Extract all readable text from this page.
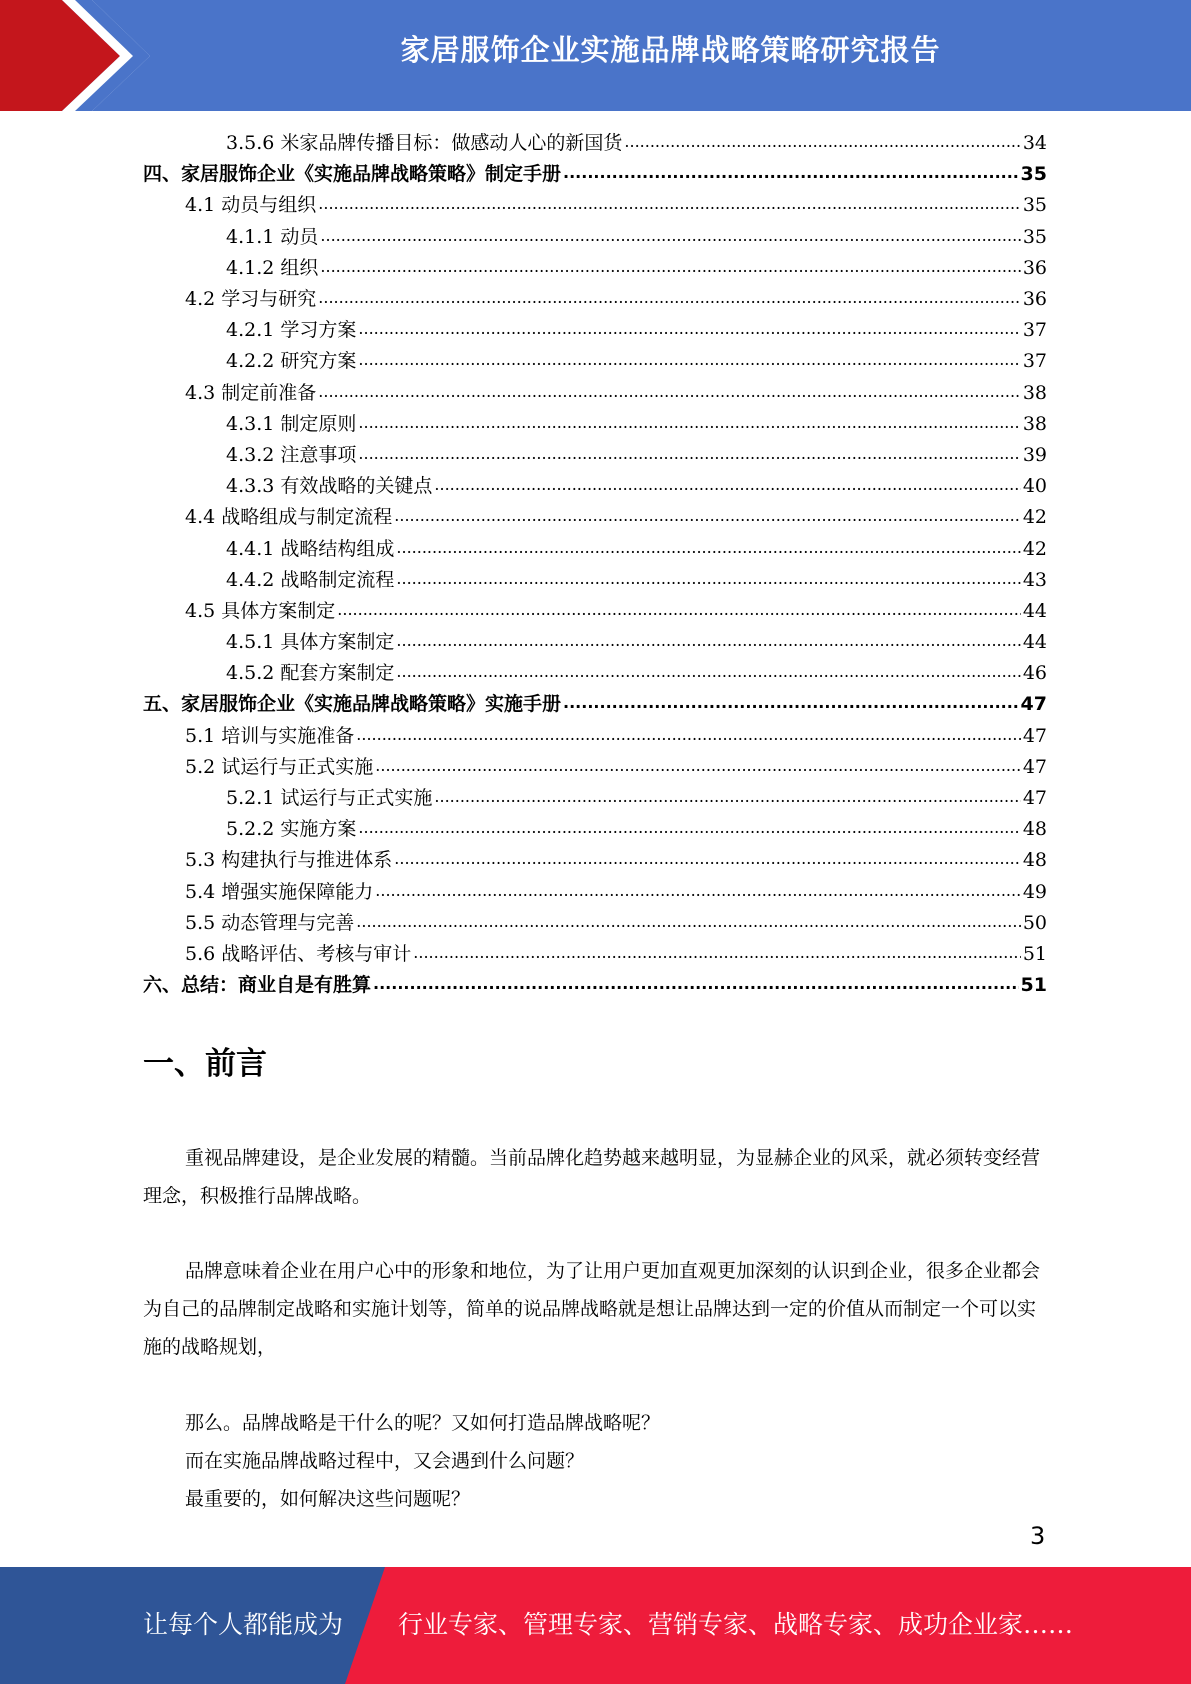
家居服饰企业实施品牌战略策略研究报告
3.5.6 米家品牌传播目标：做感动人心的新国货 .....	34
四、家居服饰企业《实施品牌战略策略》制定手册 .....	35
4.1 动员与组织 .....	35
4.1.1 动员 .....	35
4.1.2 组织 .....	36
4.2 学习与研究 .....	36
4.2.1 学习方案 .....	37
4.2.2 研究方案 .....	37
4.3 制定前准备 .....	38
4.3.1 制定原则 .....	38
4.3.2 注意事项 .....	39
4.3.3 有效战略的关键点 .....	40
4.4 战略组成与制定流程 .....	42
4.4.1 战略结构组成 .....	42
4.4.2 战略制定流程 .....	43
4.5 具体方案制定 .....	44
4.5.1 具体方案制定 .....	44
4.5.2 配套方案制定 .....	46
五、家居服饰企业《实施品牌战略策略》实施手册 .....	47
5.1 培训与实施准备 .....	47
5.2 试运行与正式实施 .....	47
5.2.1 试运行与正式实施 .....	47
5.2.2 实施方案 .....	48
5.3 构建执行与推进体系 .....	48
5.4 增强实施保障能力 .....	49
5.5 动态管理与完善 .....	50
5.6 战略评估、考核与审计 .....	51
六、总结：商业自是有胜算 .....	51
一、前言
重视品牌建设，是企业发展的精髓。当前品牌化趋势越来越明显，为显赫企业的风采，就必须转变经营理念，积极推行品牌战略。
品牌意味着企业在用户心中的形象和地位，为了让用户更加直观更加深刻的认识到企业，很多企业都会为自己的品牌制定战略和实施计划等，简单的说品牌战略就是想让品牌达到一定的价值从而制定一个可以实施的战略规划，
那么。品牌战略是干什么的呢？又如何打造品牌战略呢？
而在实施品牌战略过程中，又会遇到什么问题？
最重要的，如何解决这些问题呢？
3
让每个人都能成为 行业专家、管理专家、营销专家、战略专家、成功企业家……
